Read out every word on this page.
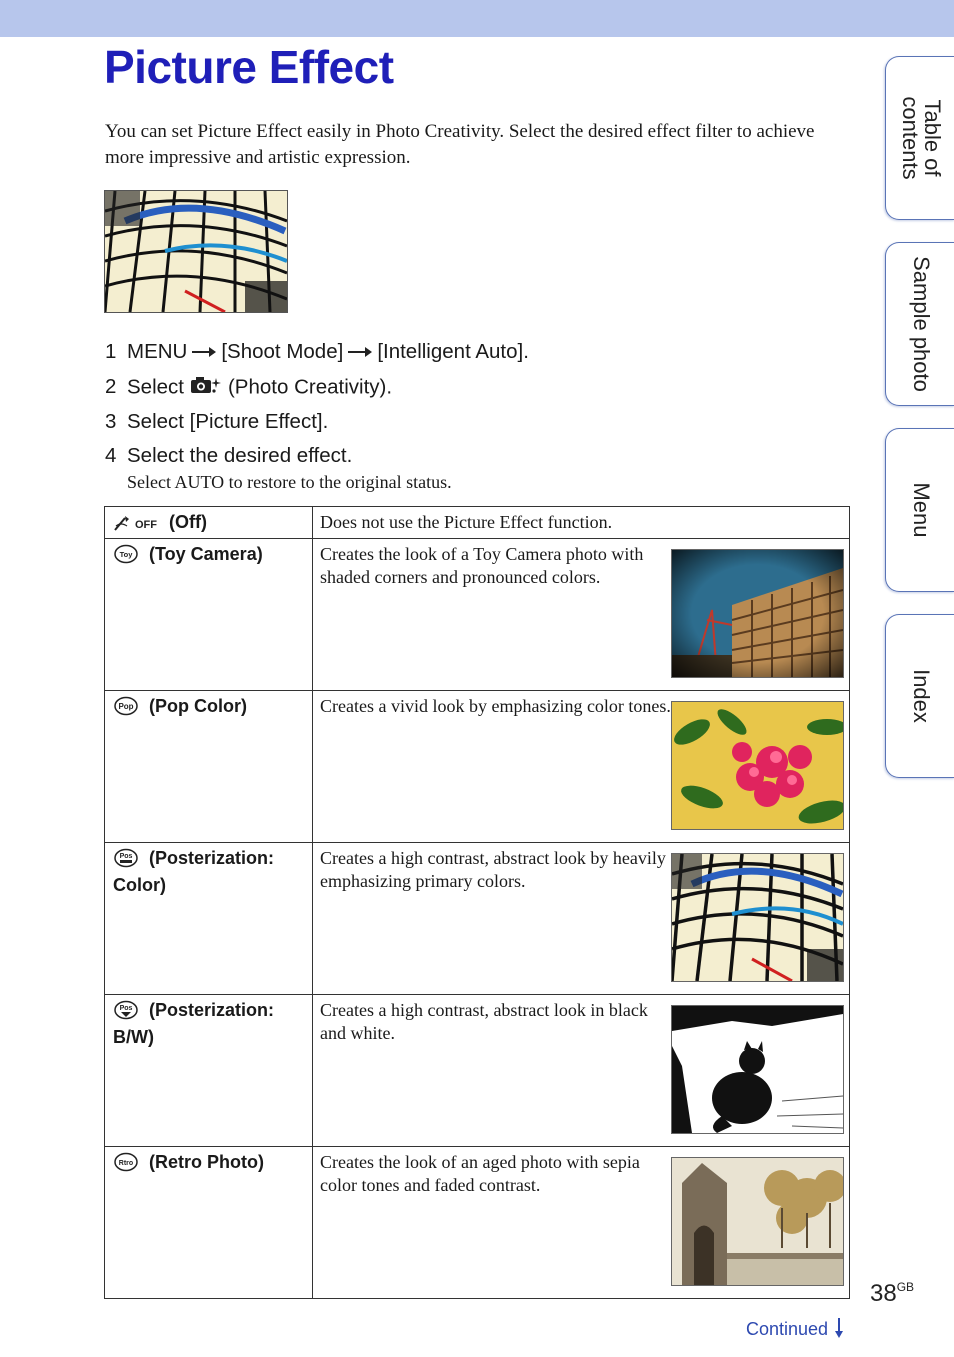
Picture Effect

You can set Picture Effect easily in Photo Creativity. Select the desired effect filter to achieve more impressive and artistic expression.

1 MENU [Shoot Mode] [Intelligent Auto].
2 Select (Photo Creativity).
3 Select [Picture Effect].
4 Select the desired effect.
Select AUTO to restore to the original status.
OFF (Off)	Does not use the Picture Effect function.

Toy (Toy Camera)	Creates the look of a Toy Camera photo with shaded corners and pronounced colors.

Pop (Pop Color)	Creates a vivid look by emphasizing color tones.

Pos (Posterization: Color)	Creates a high contrast, abstract look by heavily emphasizing primary colors.

Pos (Posterization: B/W)	Creates a high contrast, abstract look in black and white.

Rtro (Retro Photo)	Creates the look of an aged photo with sepia color tones and faded contrast.
Table of contents
Sample photo
Menu
Index
$38^{GB}$
Continued
